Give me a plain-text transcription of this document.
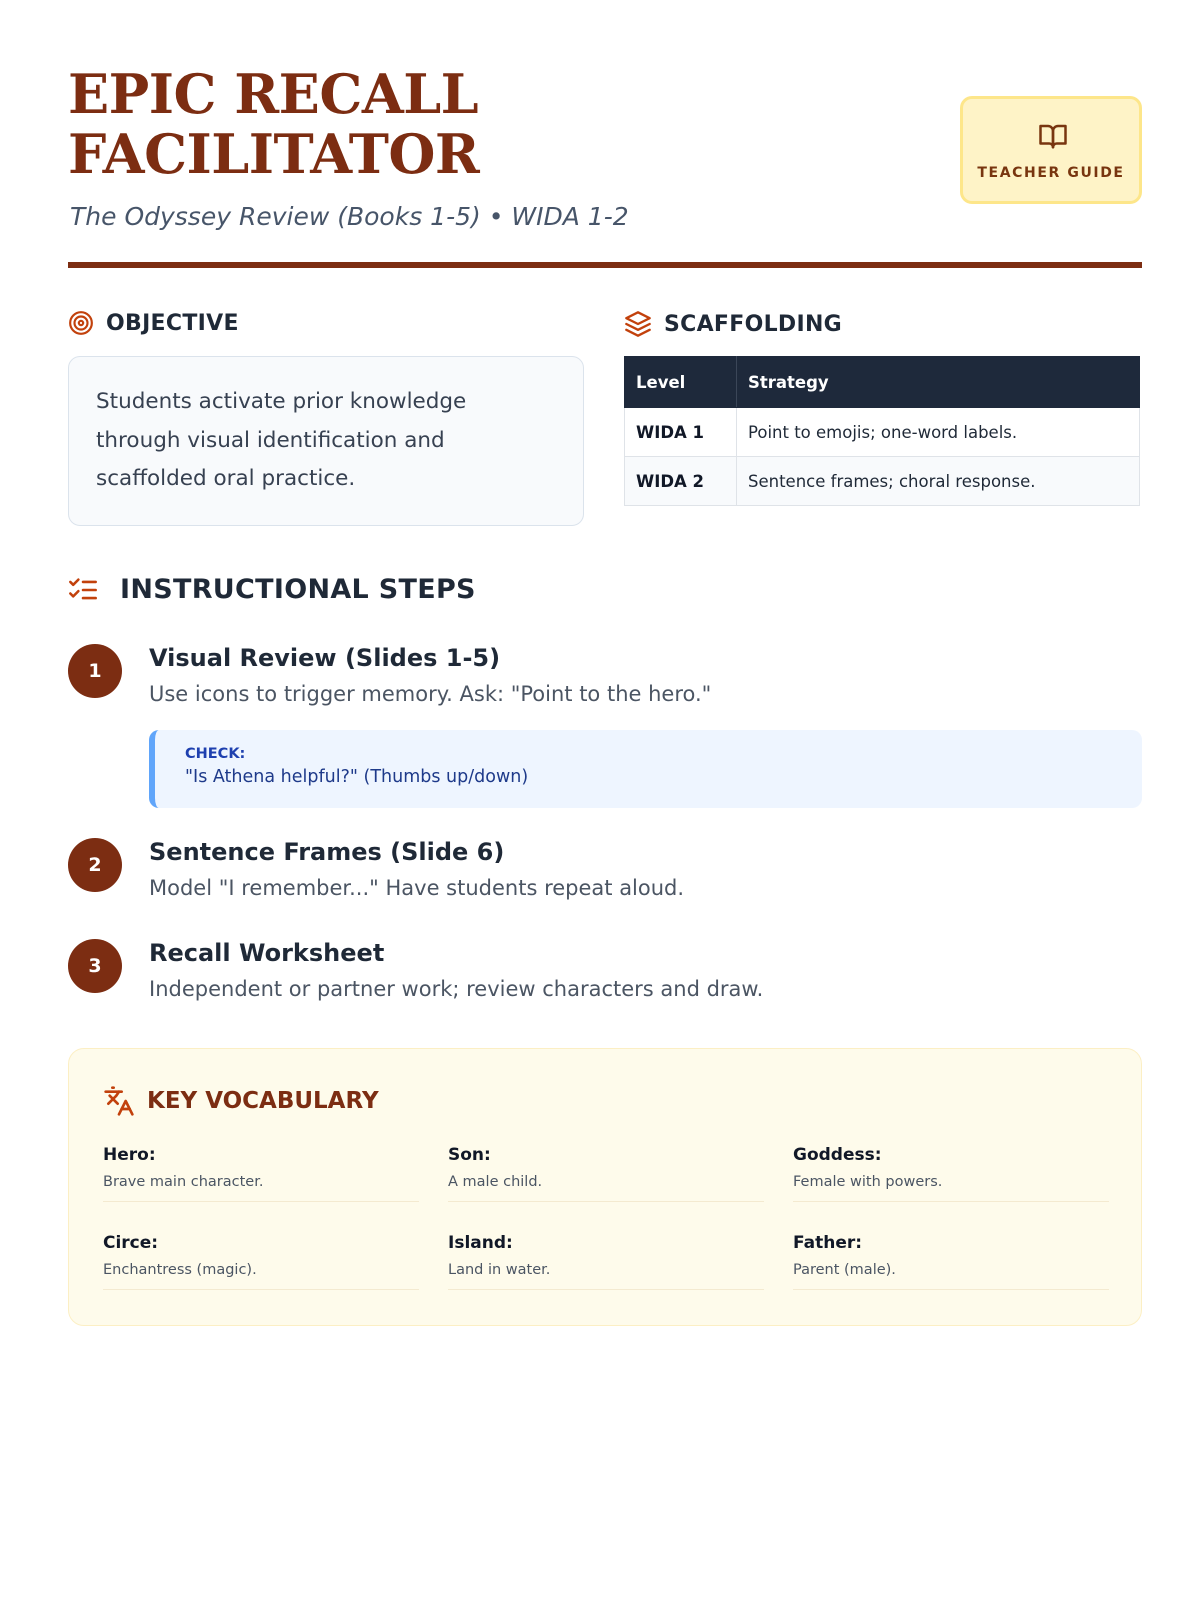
EPIC RECALL
FACILITATOR
The Odyssey Review (Books 1-5) • WIDA 1-2
TEACHER GUIDE
OBJECTIVE
Students activate prior knowledge through visual identification and scaffolded oral practice.
SCAFFOLDING
Level	Strategy
WIDA 1	Point to emojis; one-word labels.
WIDA 2	Sentence frames; choral response.
INSTRUCTIONAL STEPS
1	Visual Review (Slides 1-5)
Use icons to trigger memory. Ask: "Point to the hero."
CHECK:
"Is Athena helpful?" (Thumbs up/down)
2	Sentence Frames (Slide 6)
Model "I remember..." Have students repeat aloud.
3	Recall Worksheet
Independent or partner work; review characters and draw.
KEY VOCABULARY
Hero:
Brave main character.
Son:
A male child.
Goddess:
Female with powers.
Circe:
Enchantress (magic).
Island:
Land in water.
Father:
Parent (male).
